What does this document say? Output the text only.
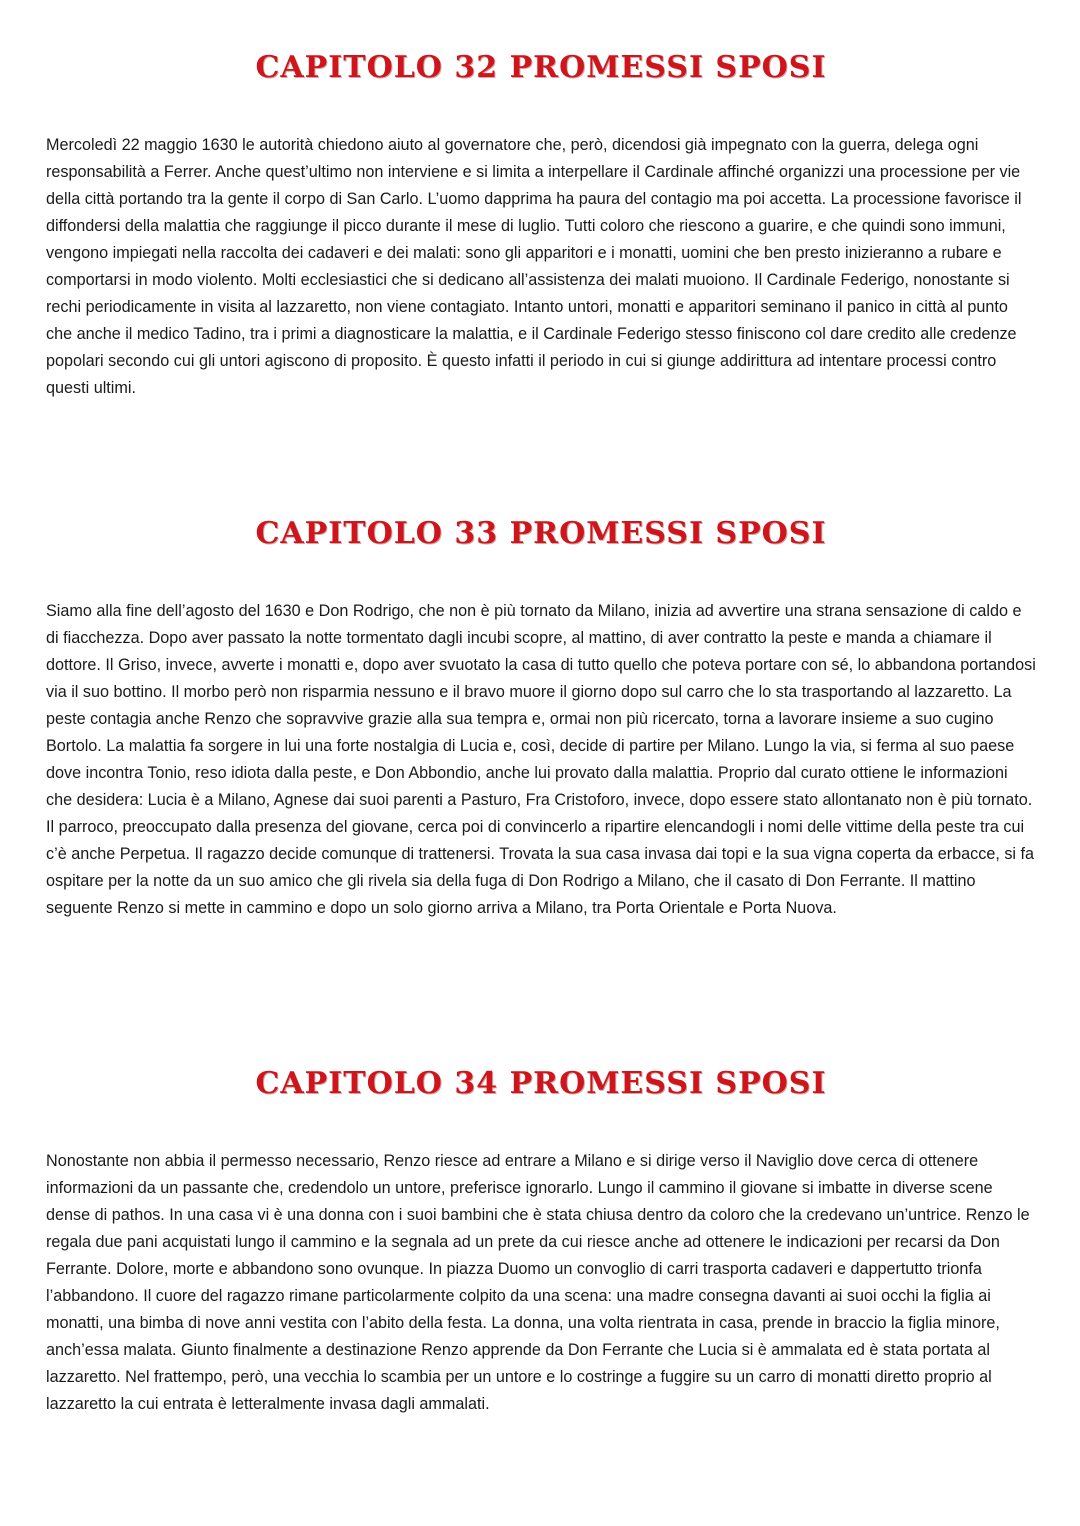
CAPITOLO 32 PROMESSI SPOSI

Mercoledì 22 maggio 1630 le autorità chiedono aiuto al governatore che, però, dicendosi già impegnato con la guerra, delega ogni responsabilità a Ferrer. Anche quest’ultimo non interviene e si limita a interpellare il Cardinale affinché organizzi una processione per vie della città portando tra la gente il corpo di San Carlo. L’uomo dapprima ha paura del contagio ma poi accetta. La processione favorisce il diffondersi della malattia che raggiunge il picco durante il mese di luglio. Tutti coloro che riescono a guarire, e che quindi sono immuni, vengono impiegati nella raccolta dei cadaveri e dei malati: sono gli apparitori e i monatti, uomini che ben presto inizieranno a rubare e comportarsi in modo violento. Molti ecclesiastici che si dedicano all’assistenza dei malati muoiono. Il Cardinale Federigo, nonostante si rechi periodicamente in visita al lazzaretto, non viene contagiato. Intanto untori, monatti e apparitori seminano il panico in città al punto che anche il medico Tadino, tra i primi a diagnosticare la malattia, e il Cardinale Federigo stesso finiscono col dare credito alle credenze popolari secondo cui gli untori agiscono di proposito. È questo infatti il periodo in cui si giunge addirittura ad intentare processi contro questi ultimi.

CAPITOLO 33 PROMESSI SPOSI

Siamo alla fine dell’agosto del 1630 e Don Rodrigo, che non è più tornato da Milano, inizia ad avvertire una strana sensazione di caldo e di fiacchezza. Dopo aver passato la notte tormentato dagli incubi scopre, al mattino, di aver contratto la peste e manda a chiamare il dottore. Il Griso, invece, avverte i monatti e, dopo aver svuotato la casa di tutto quello che poteva portare con sé, lo abbandona portandosi via il suo bottino. Il morbo però non risparmia nessuno e il bravo muore il giorno dopo sul carro che lo sta trasportando al lazzaretto. La peste contagia anche Renzo che sopravvive grazie alla sua tempra e, ormai non più ricercato, torna a lavorare insieme a suo cugino Bortolo. La malattia fa sorgere in lui una forte nostalgia di Lucia e, così, decide di partire per Milano. Lungo la via, si ferma al suo paese dove incontra Tonio, reso idiota dalla peste, e Don Abbondio, anche lui provato dalla malattia. Proprio dal curato ottiene le informazioni che desidera: Lucia è a Milano, Agnese dai suoi parenti a Pasturo, Fra Cristoforo, invece, dopo essere stato allontanato non è più tornato. Il parroco, preoccupato dalla presenza del giovane, cerca poi di convincerlo a ripartire elencandogli i nomi delle vittime della peste tra cui c’è anche Perpetua. Il ragazzo decide comunque di trattenersi. Trovata la sua casa invasa dai topi e la sua vigna coperta da erbacce, si fa ospitare per la notte da un suo amico che gli rivela sia della fuga di Don Rodrigo a Milano, che il casato di Don Ferrante. Il mattino seguente Renzo si mette in cammino e dopo un solo giorno arriva a Milano, tra Porta Orientale e Porta Nuova.

CAPITOLO 34 PROMESSI SPOSI

Nonostante non abbia il permesso necessario, Renzo riesce ad entrare a Milano e si dirige verso il Naviglio dove cerca di ottenere informazioni da un passante che, credendolo un untore, preferisce ignorarlo. Lungo il cammino il giovane si imbatte in diverse scene dense di pathos. In una casa vi è una donna con i suoi bambini che è stata chiusa dentro da coloro che la credevano un’untrice. Renzo le regala due pani acquistati lungo il cammino e la segnala ad un prete da cui riesce anche ad ottenere le indicazioni per recarsi da Don Ferrante. Dolore, morte e abbandono sono ovunque. In piazza Duomo un convoglio di carri trasporta cadaveri e dappertutto trionfa l’abbandono. Il cuore del ragazzo rimane particolarmente colpito da una scena: una madre consegna davanti ai suoi occhi la figlia ai monatti, una bimba di nove anni vestita con l’abito della festa. La donna, una volta rientrata in casa, prende in braccio la figlia minore, anch’essa malata. Giunto finalmente a destinazione Renzo apprende da Don Ferrante che Lucia si è ammalata ed è stata portata al lazzaretto. Nel frattempo, però, una vecchia lo scambia per un untore e lo costringe a fuggire su un carro di monatti diretto proprio al lazzaretto la cui entrata è letteralmente invasa dagli ammalati.
